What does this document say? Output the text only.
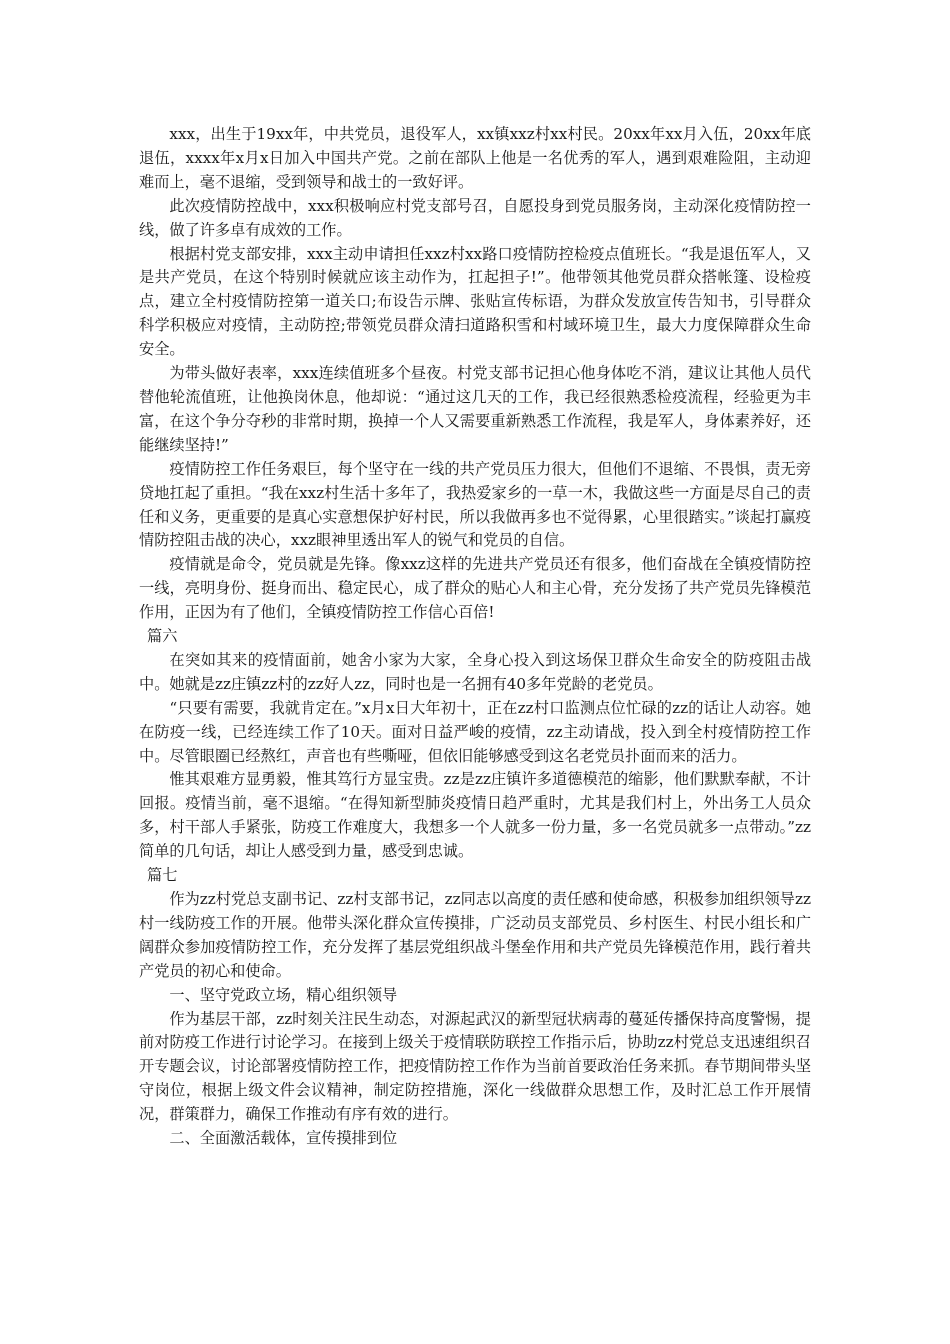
xxx，出生于19xx年，中共党员，退役军人，xx镇xxz村xx村民。20xx年xx月入伍，20xx年底退伍，xxxx年x月x日加入中国共产党。之前在部队上他是一名优秀的军人，遇到艰难险阻，主动迎难而上，毫不退缩，受到领导和战士的一致好评。

此次疫情防控战中，xxx积极响应村党支部号召，自愿投身到党员服务岗，主动深化疫情防控一线，做了许多卓有成效的工作。

根据村党支部安排，xxx主动申请担任xxz村xx路口疫情防控检疫点值班长。“我是退伍军人，又是共产党员，在这个特别时候就应该主动作为，扛起担子!”。他带领其他党员群众搭帐篷、设检疫点，建立全村疫情防控第一道关口;布设告示牌、张贴宣传标语，为群众发放宣传告知书，引导群众科学积极应对疫情，主动防控;带领党员群众清扫道路积雪和村域环境卫生，最大力度保障群众生命安全。

为带头做好表率，xxx连续值班多个昼夜。村党支部书记担心他身体吃不消，建议让其他人员代替他轮流值班，让他换岗休息，他却说：“通过这几天的工作，我已经很熟悉检疫流程，经验更为丰富，在这个争分夺秒的非常时期，换掉一个人又需要重新熟悉工作流程，我是军人，身体素养好，还能继续坚持!”

疫情防控工作任务艰巨，每个坚守在一线的共产党员压力很大，但他们不退缩、不畏惧，责无旁贷地扛起了重担。“我在xxz村生活十多年了，我热爱家乡的一草一木，我做这些一方面是尽自己的责任和义务，更重要的是真心实意想保护好村民，所以我做再多也不觉得累，心里很踏实。”谈起打赢疫情防控阻击战的决心，xxz眼神里透出军人的锐气和党员的自信。

疫情就是命令，党员就是先锋。像xxz这样的先进共产党员还有很多，他们奋战在全镇疫情防控一线，亮明身份、挺身而出、稳定民心，成了群众的贴心人和主心骨，充分发扬了共产党员先锋模范作用，正因为有了他们，全镇疫情防控工作信心百倍!

篇六

在突如其来的疫情面前，她舍小家为大家，全身心投入到这场保卫群众生命安全的防疫阻击战中。她就是zz庄镇zz村的zz好人zz，同时也是一名拥有40多年党龄的老党员。

“只要有需要，我就肯定在。”x月x日大年初十，正在zz村口监测点位忙碌的zz的话让人动容。她在防疫一线，已经连续工作了10天。面对日益严峻的疫情，zz主动请战，投入到全村疫情防控工作中。尽管眼圈已经熬红，声音也有些嘶哑，但依旧能够感受到这名老党员扑面而来的活力。

惟其艰难方显勇毅，惟其笃行方显宝贵。zz是zz庄镇许多道德模范的缩影，他们默默奉献，不计回报。疫情当前，毫不退缩。“在得知新型肺炎疫情日趋严重时，尤其是我们村上，外出务工人员众多，村干部人手紧张，防疫工作难度大，我想多一个人就多一份力量，多一名党员就多一点带动。”zz简单的几句话，却让人感受到力量，感受到忠诚。

篇七

作为zz村党总支副书记、zz村支部书记，zz同志以高度的责任感和使命感，积极参加组织领导zz村一线防疫工作的开展。他带头深化群众宣传摸排，广泛动员支部党员、乡村医生、村民小组长和广阔群众参加疫情防控工作，充分发挥了基层党组织战斗堡垒作用和共产党员先锋模范作用，践行着共产党员的初心和使命。

一、坚守党政立场，精心组织领导

作为基层干部，zz时刻关注民生动态，对源起武汉的新型冠状病毒的蔓延传播保持高度警惕，提前对防疫工作进行讨论学习。在接到上级关于疫情联防联控工作指示后，协助zz村党总支迅速组织召开专题会议，讨论部署疫情防控工作，把疫情防控工作作为当前首要政治任务来抓。春节期间带头坚守岗位，根据上级文件会议精神，制定防控措施，深化一线做群众思想工作，及时汇总工作开展情况，群策群力，确保工作推动有序有效的进行。

二、全面激活载体，宣传摸排到位
